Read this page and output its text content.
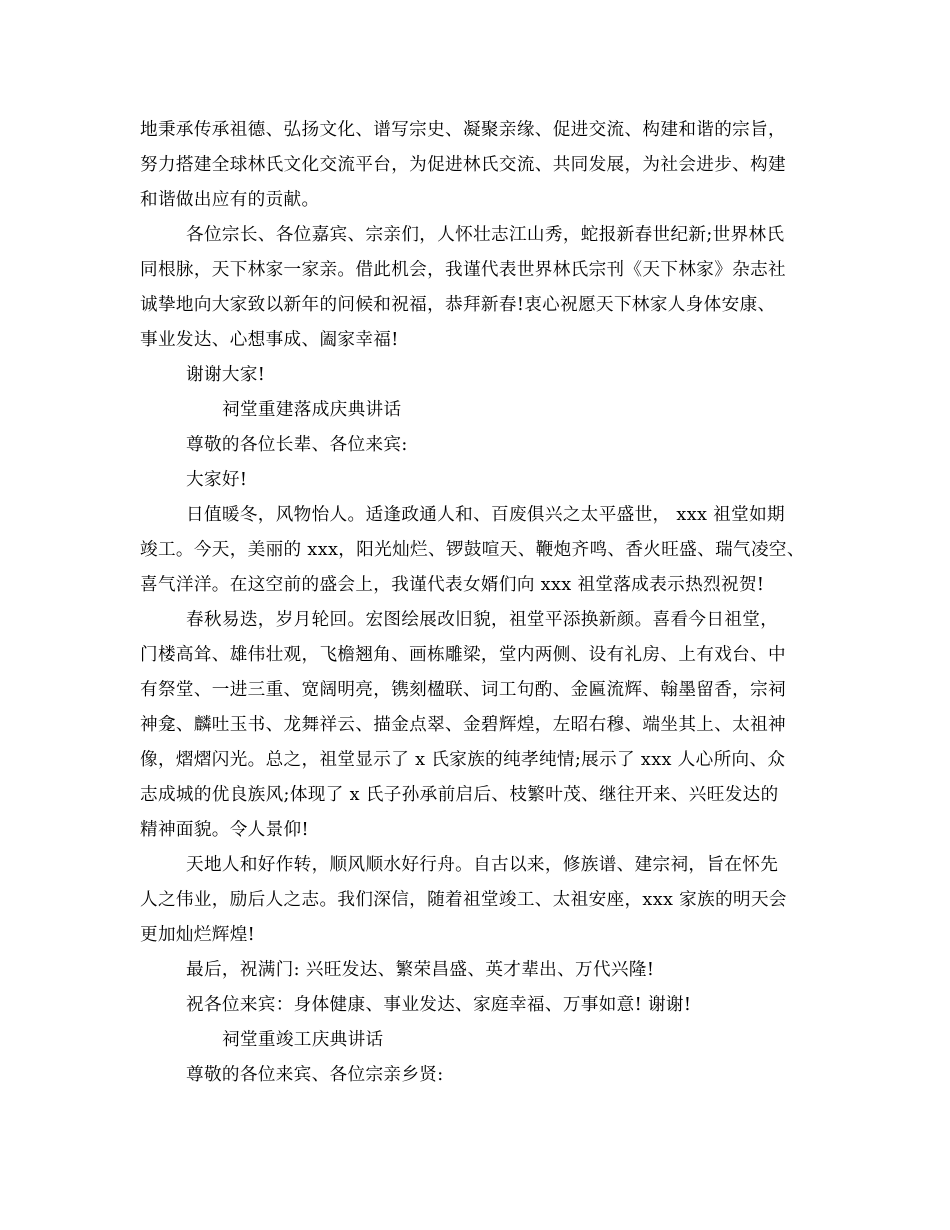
地秉承传承祖德、弘扬文化、谱写宗史、凝聚亲缘、促进交流、构建和谐的宗旨，
努力搭建全球林氏文化交流平台，为促进林氏交流、共同发展，为社会进步、构建
和谐做出应有的贡献。
各位宗长、各位嘉宾、宗亲们，人怀壮志江山秀，蛇报新春世纪新;世界林氏
同根脉，天下林家一家亲。借此机会，我谨代表世界林氏宗刊《天下林家》杂志社
诚挚地向大家致以新年的问候和祝福，恭拜新春!衷心祝愿天下林家人身体安康、
事业发达、心想事成、阖家幸福!
谢谢大家!
祠堂重建落成庆典讲话
尊敬的各位长辈、各位来宾:
大家好!
日值暖冬，风物怡人。适逢政通人和、百废俱兴之太平盛世， xxx 祖堂如期
竣工。今天，美丽的 xxx，阳光灿烂、锣鼓喧天、鞭炮齐鸣、香火旺盛、瑞气凌空、
喜气洋洋。在这空前的盛会上，我谨代表女婿们向 xxx 祖堂落成表示热烈祝贺!
春秋易迭，岁月轮回。宏图绘展改旧貌，祖堂平添换新颜。喜看今日祖堂，
门楼高耸、雄伟壮观，飞檐翘角、画栋雕梁，堂内两侧、设有礼房、上有戏台、中
有祭堂、一进三重、宽阔明亮，镌刻楹联、词工句酌、金匾流辉、翰墨留香，宗祠
神龛、麟吐玉书、龙舞祥云、描金点翠、金碧辉煌，左昭右穆、端坐其上、太祖神
像，熠熠闪光。总之，祖堂显示了 x 氏家族的纯孝纯情;展示了 xxx 人心所向、众
志成城的优良族风;体现了 x 氏子孙承前启后、枝繁叶茂、继往开来、兴旺发达的
精神面貌。令人景仰!
天地人和好作转，顺风顺水好行舟。自古以来，修族谱、建宗祠，旨在怀先
人之伟业，励后人之志。我们深信，随着祖堂竣工、太祖安座，xxx 家族的明天会
更加灿烂辉煌!
最后，祝满门: 兴旺发达、繁荣昌盛、英才辈出、万代兴隆!
祝各位来宾：身体健康、事业发达、家庭幸福、万事如意! 谢谢!
祠堂重竣工庆典讲话
尊敬的各位来宾、各位宗亲乡贤:
